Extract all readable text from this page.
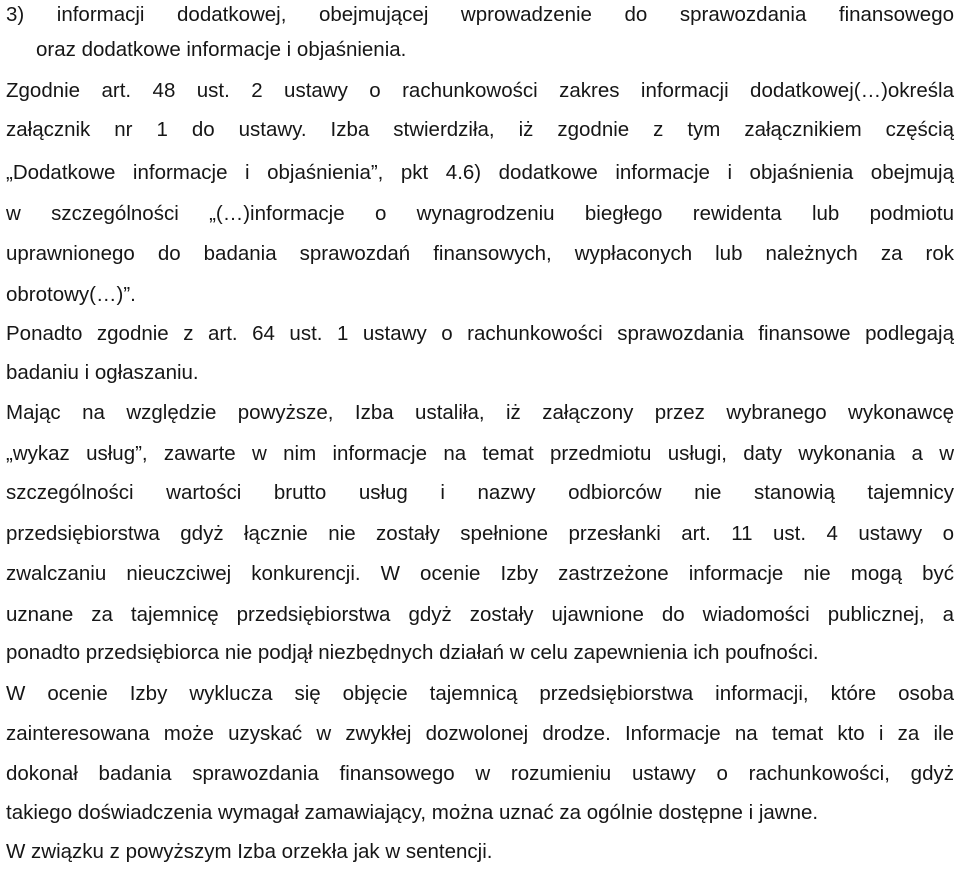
3) informacji dodatkowej, obejmującej wprowadzenie do sprawozdania finansowego
oraz dodatkowe informacje i objaśnienia.
Zgodnie art. 48 ust. 2 ustawy o rachunkowości zakres informacji dodatkowej(…)określa
załącznik nr 1 do ustawy. Izba stwierdziła, iż zgodnie z tym załącznikiem częścią
„Dodatkowe informacje i objaśnienia”, pkt 4.6) dodatkowe informacje i objaśnienia obejmują
w szczególności „(…)informacje o wynagrodzeniu biegłego rewidenta lub podmiotu
uprawnionego do badania sprawozdań finansowych, wypłaconych lub należnych za rok
obrotowy(…)”.
Ponadto zgodnie z art. 64 ust. 1 ustawy o rachunkowości sprawozdania finansowe podlegają
badaniu i ogłaszaniu.
Mając na względzie powyższe, Izba ustaliła, iż załączony przez wybranego wykonawcę
„wykaz usług”, zawarte w nim informacje na temat przedmiotu usługi, daty wykonania a w
szczególności wartości brutto usług i nazwy odbiorców nie stanowią tajemnicy
przedsiębiorstwa gdyż łącznie nie zostały spełnione przesłanki art. 11 ust. 4 ustawy o
zwalczaniu nieuczciwej konkurencji. W ocenie Izby zastrzeżone informacje nie mogą być
uznane za tajemnicę przedsiębiorstwa gdyż zostały ujawnione do wiadomości publicznej, a
ponadto przedsiębiorca nie podjął niezbędnych działań w celu zapewnienia ich poufności.
W ocenie Izby wyklucza się objęcie tajemnicą przedsiębiorstwa informacji, które osoba
zainteresowana może uzyskać w zwykłej dozwolonej drodze. Informacje na temat kto i za ile
dokonał badania sprawozdania finansowego w rozumieniu ustawy o rachunkowości, gdyż
takiego doświadczenia wymagał zamawiający, można uznać za ogólnie dostępne i jawne.
W związku z powyższym Izba orzekła jak w sentencji.
